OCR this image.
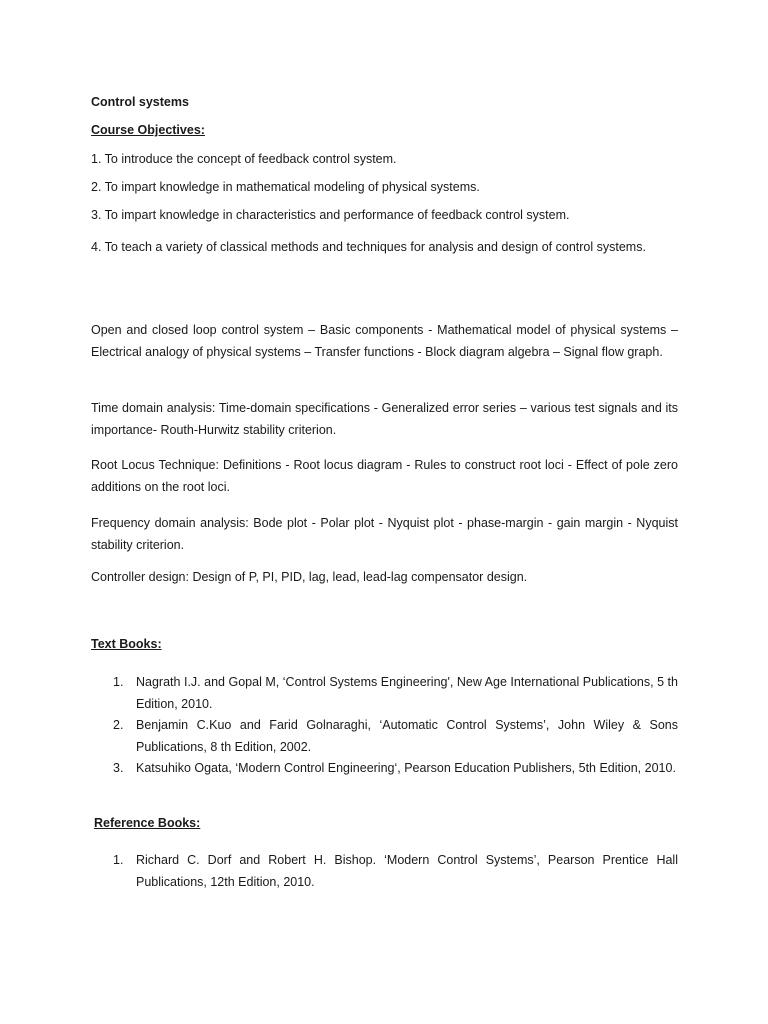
Control systems
Course Objectives:
1. To introduce the concept of feedback control system.
2. To impart knowledge in mathematical modeling of physical systems.
3. To impart knowledge in characteristics and performance of feedback control system.
4. To teach a variety of classical methods and techniques for analysis and design of control systems.
Open and closed loop control system – Basic components - Mathematical model of physical systems – Electrical analogy of physical systems – Transfer functions - Block diagram algebra – Signal flow graph.
Time domain analysis: Time-domain specifications - Generalized error series – various test signals and its importance- Routh-Hurwitz stability criterion.
Root Locus Technique: Definitions - Root locus diagram - Rules to construct root loci - Effect of pole zero additions on the root loci.
Frequency domain analysis: Bode plot - Polar plot - Nyquist plot - phase-margin - gain margin - Nyquist stability criterion.
Controller design: Design of P, PI, PID, lag, lead, lead-lag compensator design.
Text Books:
1. Nagrath I.J. and Gopal M, ‘Control Systems Engineering', New Age International Publications, 5 th Edition, 2010.
2. Benjamin C.Kuo and Farid Golnaraghi, ‘Automatic Control Systems’, John Wiley & Sons Publications, 8 th Edition, 2002.
3. Katsuhiko Ogata, ‘Modern Control Engineering‘, Pearson Education Publishers, 5th Edition, 2010.
Reference Books:
1. Richard C. Dorf and Robert H. Bishop. ‘Modern Control Systems’, Pearson Prentice Hall Publications, 12th Edition, 2010.
